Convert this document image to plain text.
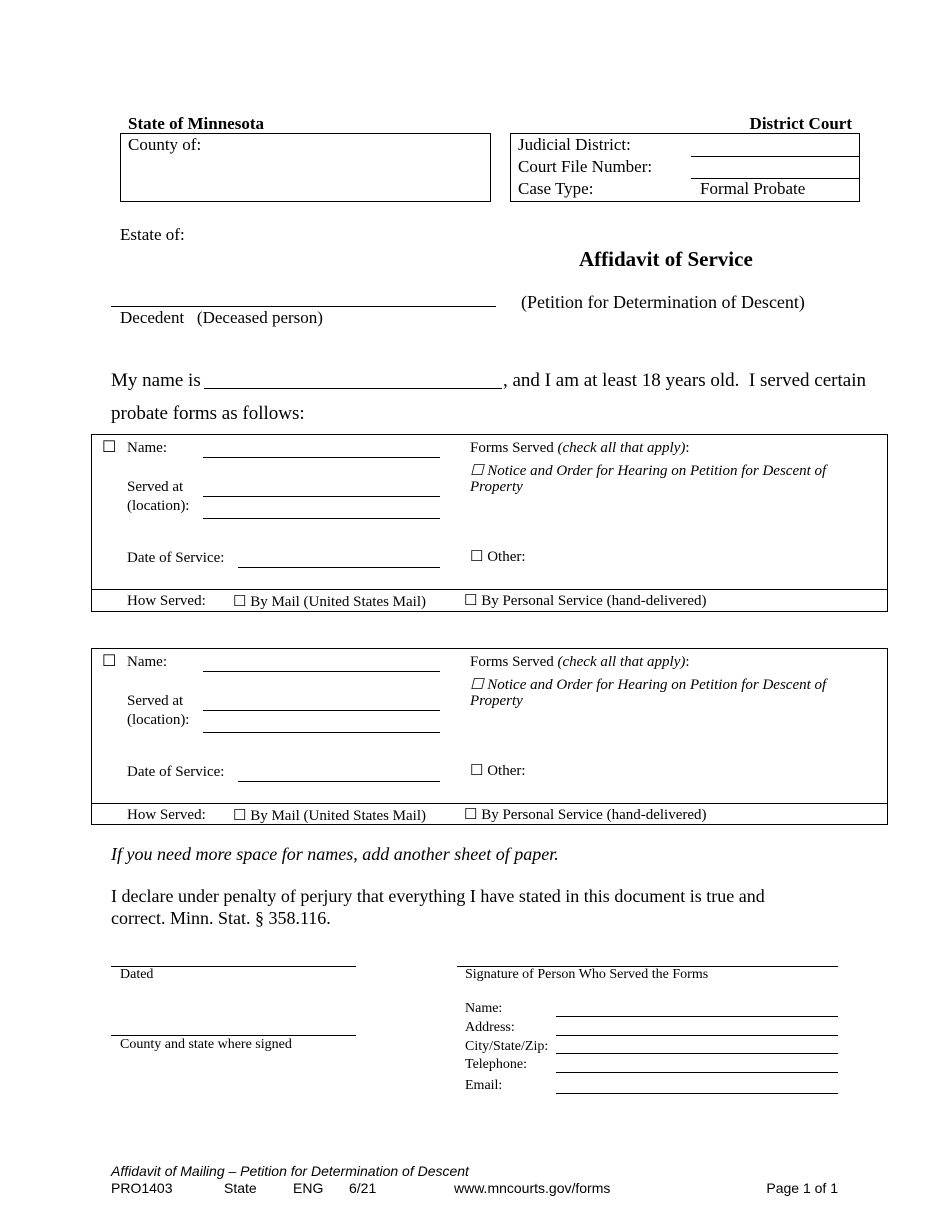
State of Minnesota	District Court
County of:	Judicial District:
Court File Number:
Case Type:	Formal Probate
Estate of:
Decedent   (Deceased person)
Affidavit of Service
(Petition for Determination of Descent)
My name is	, and I am at least 18 years old.  I served certain
probate forms as follows:
☐ Name:
Served at
(location):
Date of Service:
Forms Served (check all that apply):
☐ Notice and Order for Hearing on Petition for Descent of
Property
☐ Other:
How Served: ☐ By Mail (United States Mail)	☐ By Personal Service (hand-delivered)
☐ Name:
Served at
(location):
Date of Service:
Forms Served (check all that apply):
☐ Notice and Order for Hearing on Petition for Descent of
Property
☐ Other:
How Served: ☐ By Mail (United States Mail)	☐ By Personal Service (hand-delivered)
If you need more space for names, add another sheet of paper.
I declare under penalty of perjury that everything I have stated in this document is true and
correct. Minn. Stat. § 358.116.
Dated
County and state where signed
Signature of Person Who Served the Forms
Name:
Address:
City/State/Zip:
Telephone:
Email:
Affidavit of Mailing – Petition for Determination of Descent
PRO1403	State	ENG 6/21	www.mncourts.gov/forms	Page 1 of 1
